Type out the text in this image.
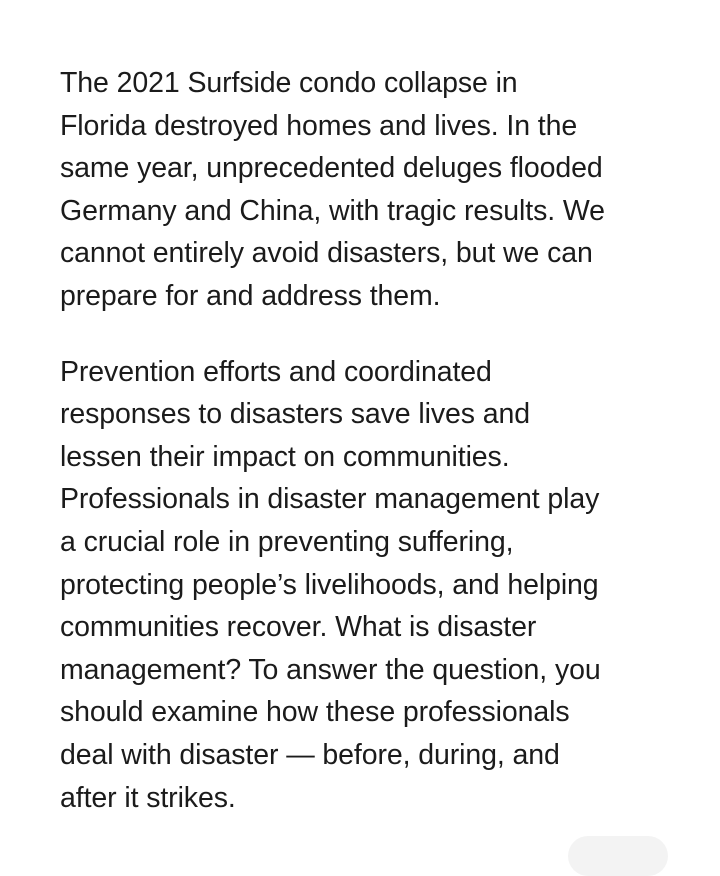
The 2021 Surfside condo collapse in
Florida destroyed homes and lives. In the
same year, unprecedented deluges flooded
Germany and China, with tragic results. We
cannot entirely avoid disasters, but we can
prepare for and address them.

Prevention efforts and coordinated
responses to disasters save lives and
lessen their impact on communities.
Professionals in disaster management play
a crucial role in preventing suffering,
protecting people’s livelihoods, and helping
communities recover. What is disaster
management? To answer the question, you
should examine how these professionals
deal with disaster — before, during, and
after it strikes.
